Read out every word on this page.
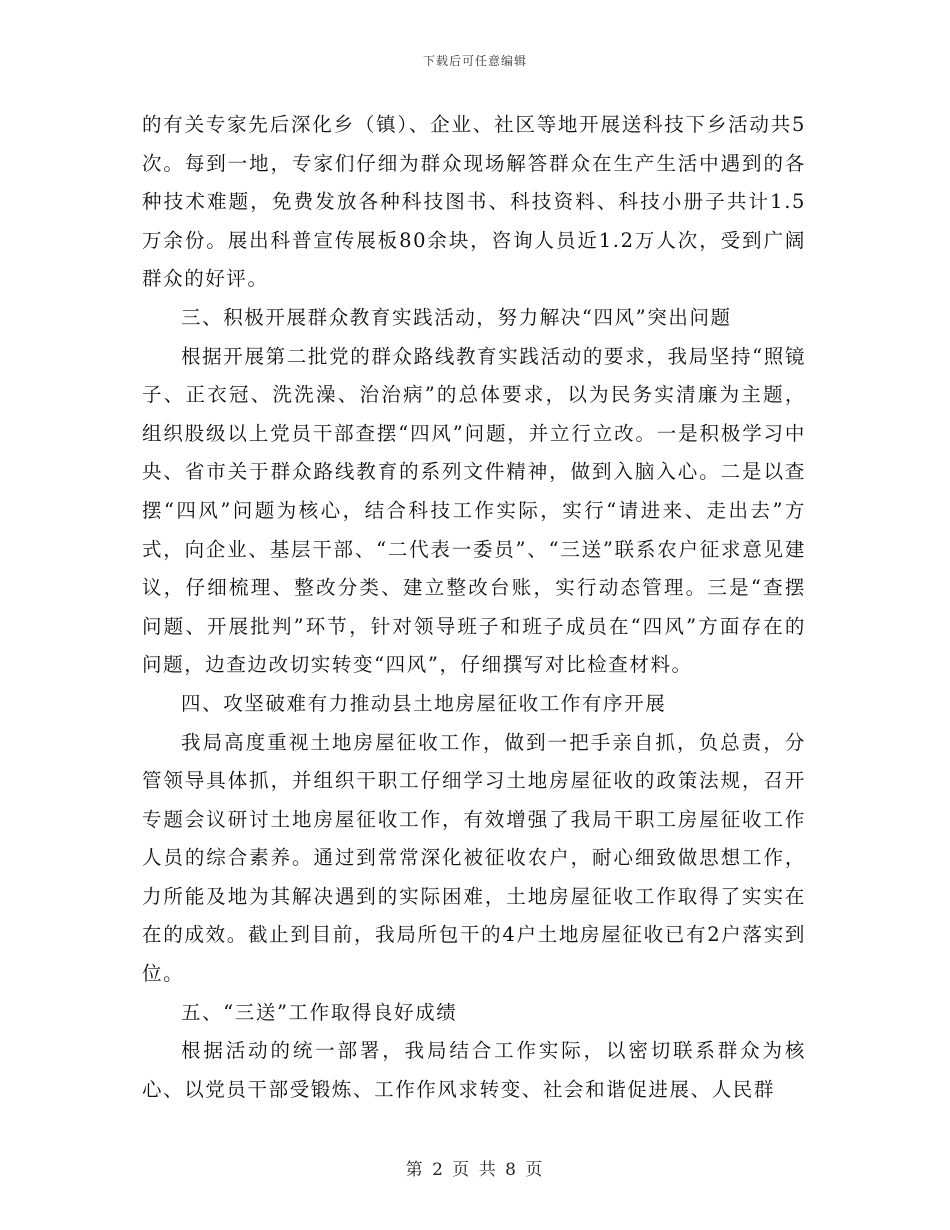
下载后可任意编辑

的有关专家先后深化乡（镇）、企业、社区等地开展送科技下乡活动共5次。每到一地，专家们仔细为群众现场解答群众在生产生活中遇到的各种技术难题，免费发放各种科技图书、科技资料、科技小册子共计1.5万余份。展出科普宣传展板80余块，咨询人员近1.2万人次，受到广阔群众的好评。

三、积极开展群众教育实践活动，努力解决“四风”突出问题

根据开展第二批党的群众路线教育实践活动的要求，我局坚持“照镜子、正衣冠、洗洗澡、治治病”的总体要求，以为民务实清廉为主题，组织股级以上党员干部查摆“四风”问题，并立行立改。一是积极学习中央、省市关于群众路线教育的系列文件精神，做到入脑入心。二是以查摆“四风”问题为核心，结合科技工作实际，实行“请进来、走出去”方式，向企业、基层干部、“二代表一委员”、“三送”联系农户征求意见建议，仔细梳理、整改分类、建立整改台账，实行动态管理。三是“查摆问题、开展批判”环节，针对领导班子和班子成员在“四风”方面存在的问题，边查边改切实转变“四风”，仔细撰写对比检查材料。

四、攻坚破难有力推动县土地房屋征收工作有序开展

我局高度重视土地房屋征收工作，做到一把手亲自抓，负总责，分管领导具体抓，并组织干职工仔细学习土地房屋征收的政策法规，召开专题会议研讨土地房屋征收工作，有效增强了我局干职工房屋征收工作人员的综合素养。通过到常常深化被征收农户，耐心细致做思想工作，力所能及地为其解决遇到的实际困难，土地房屋征收工作取得了实实在在的成效。截止到目前，我局所包干的4户土地房屋征收已有2户落实到位。

五、“三送”工作取得良好成绩

根据活动的统一部署，我局结合工作实际，以密切联系群众为核心、以党员干部受锻炼、工作作风求转变、社会和谐促进展、人民群

第 2 页 共 8 页
